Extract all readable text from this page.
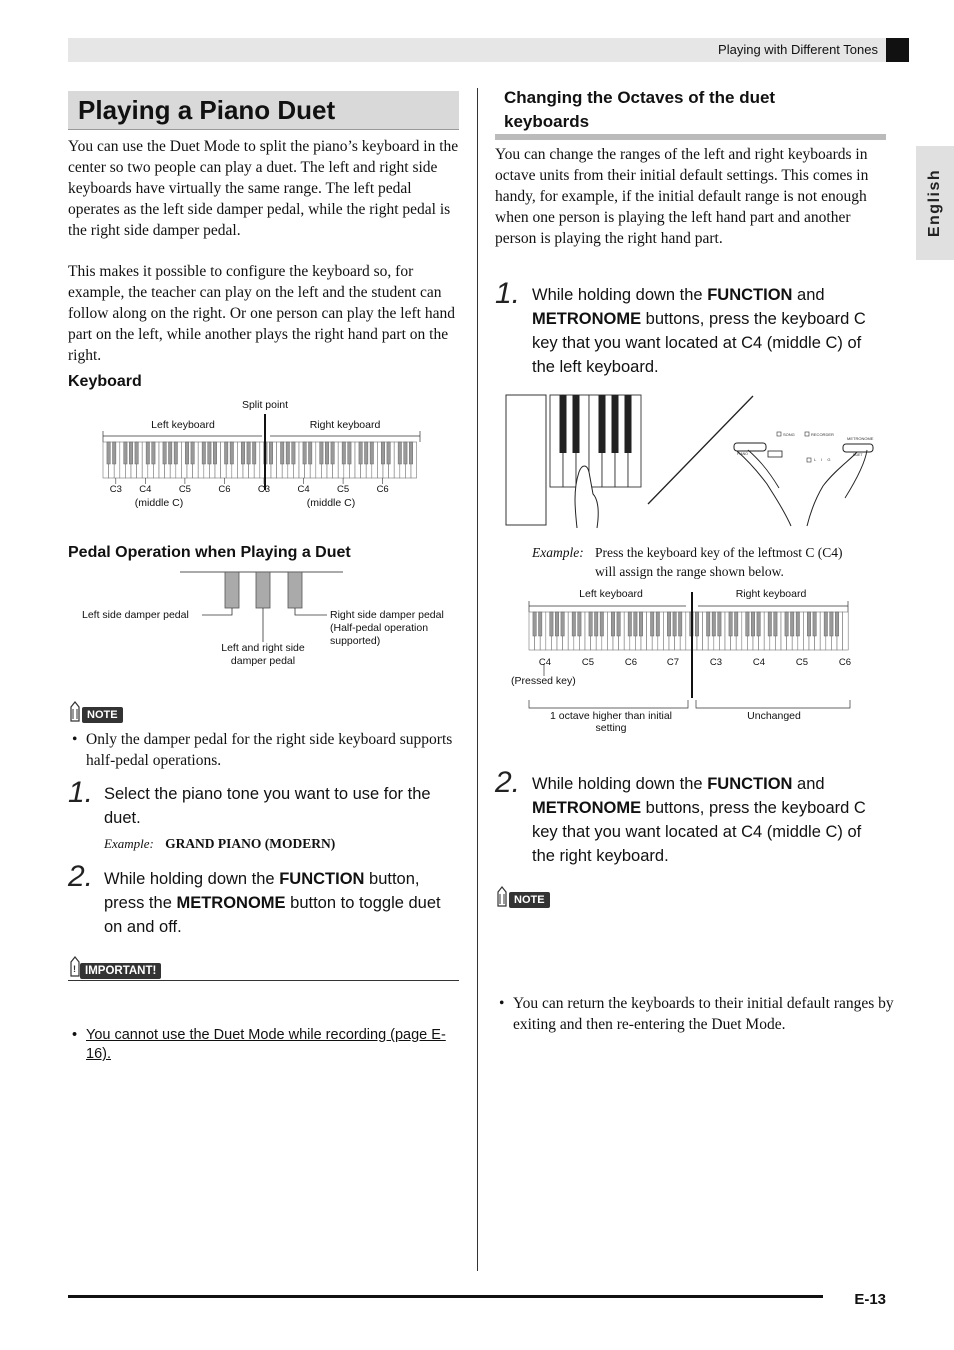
Playing with Different Tones
English
Playing a Piano Duet
You can use the Duet Mode to split the piano’s keyboard in the center so two people can play a duet. The left and right side keyboards have virtually the same range. The left pedal operates as the left side damper pedal, while the right pedal is the right side damper pedal.
This makes it possible to configure the keyboard so, for example, the teacher can play on the left and the student can follow along on the right. Or one person can play the left hand part on the left, while another plays the right hand part on the right.
Keyboard
Split point
Left keyboard	Right keyboard
C3	C4	C5	C6	C3	C4	C5	C6
(middle C)	(middle C)
Pedal Operation when Playing a Duet
Left side damper pedal	Right side damper pedal
(Half-pedal operation
supported)
Left and right side
damper pedal
NOTE
• Only the damper pedal for the right side keyboard supports half-pedal operations.
1. Select the piano tone you want to use for the duet.
Example: GRAND PIANO (MODERN)
2. While holding down the FUNCTION button, press the METRONOME button to toggle duet on and off.
! IMPORTANT!
• You cannot use the Duet Mode while recording (page E-16).
Changing the Octaves of the duet keyboards
You can change the ranges of the left and right keyboards in octave units from their initial default settings. This comes in handy, for example, if the initial default range is not enough when one person is playing the left hand part and another person is playing the right hand part.
1. While holding down the FUNCTION and METRONOME buttons, press the keyboard C key that you want located at C4 (middle C) of the left keyboard.
SONG	RECORDER
METRONOME
PIANO
L I G
DUET
Example: Press the keyboard key of the leftmost C (C4)
will assign the range shown below.
Left keyboard	Right keyboard
C4	C5	C6	C7	C3	C4	C5	C6
(Pressed key)
1 octave higher than initial
setting
Unchanged
2. While holding down the FUNCTION and METRONOME buttons, press the keyboard C key that you want located at C4 (middle C) of the right keyboard.
NOTE
• You can return the keyboards to their initial default ranges by exiting and then re-entering the Duet Mode.
E-13
